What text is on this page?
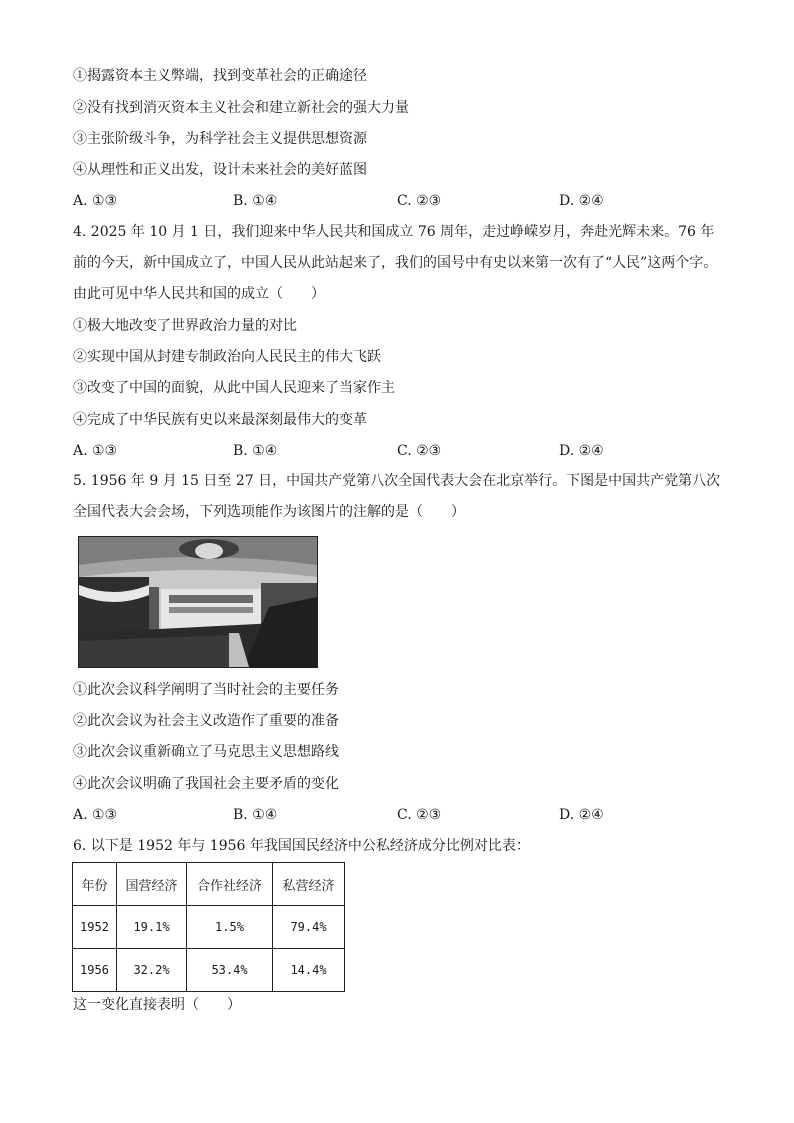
①揭露资本主义弊端，找到变革社会的正确途径
②没有找到消灭资本主义社会和建立新社会的强大力量
③主张阶级斗争，为科学社会主义提供思想资源
④从理性和正义出发，设计未来社会的美好蓝图
A. ①③	B. ①④	C. ②③	D. ②④
4. 2025 年 10 月 1 日，我们迎来中华人民共和国成立 76 周年，走过峥嵘岁月，奔赴光辉未来。76 年前的今天，新中国成立了，中国人民从此站起来了，我们的国号中有史以来第一次有了“人民”这两个字。由此可见中华人民共和国的成立（　　）
①极大地改变了世界政治力量的对比
②实现中国从封建专制政治向人民民主的伟大飞跃
③改变了中国的面貌，从此中国人民迎来了当家作主
④完成了中华民族有史以来最深刻最伟大的变革
A. ①③	B. ①④	C. ②③	D. ②④
5. 1956 年 9 月 15 日至 27 日，中国共产党第八次全国代表大会在北京举行。下图是中国共产党第八次全国代表大会会场，下列选项能作为该图片的注解的是（　　）
①此次会议科学阐明了当时社会的主要任务
②此次会议为社会主义改造作了重要的准备
③此次会议重新确立了马克思主义思想路线
④此次会议明确了我国社会主要矛盾的变化
A. ①③	B. ①④	C. ②③	D. ②④
6. 以下是 1952 年与 1956 年我国国民经济中公私经济成分比例对比表：
年份	国营经济	合作社经济	私营经济
1952	19.1%	1.5%	79.4%
1956	32.2%	53.4%	14.4%
这一变化直接表明（　　）
